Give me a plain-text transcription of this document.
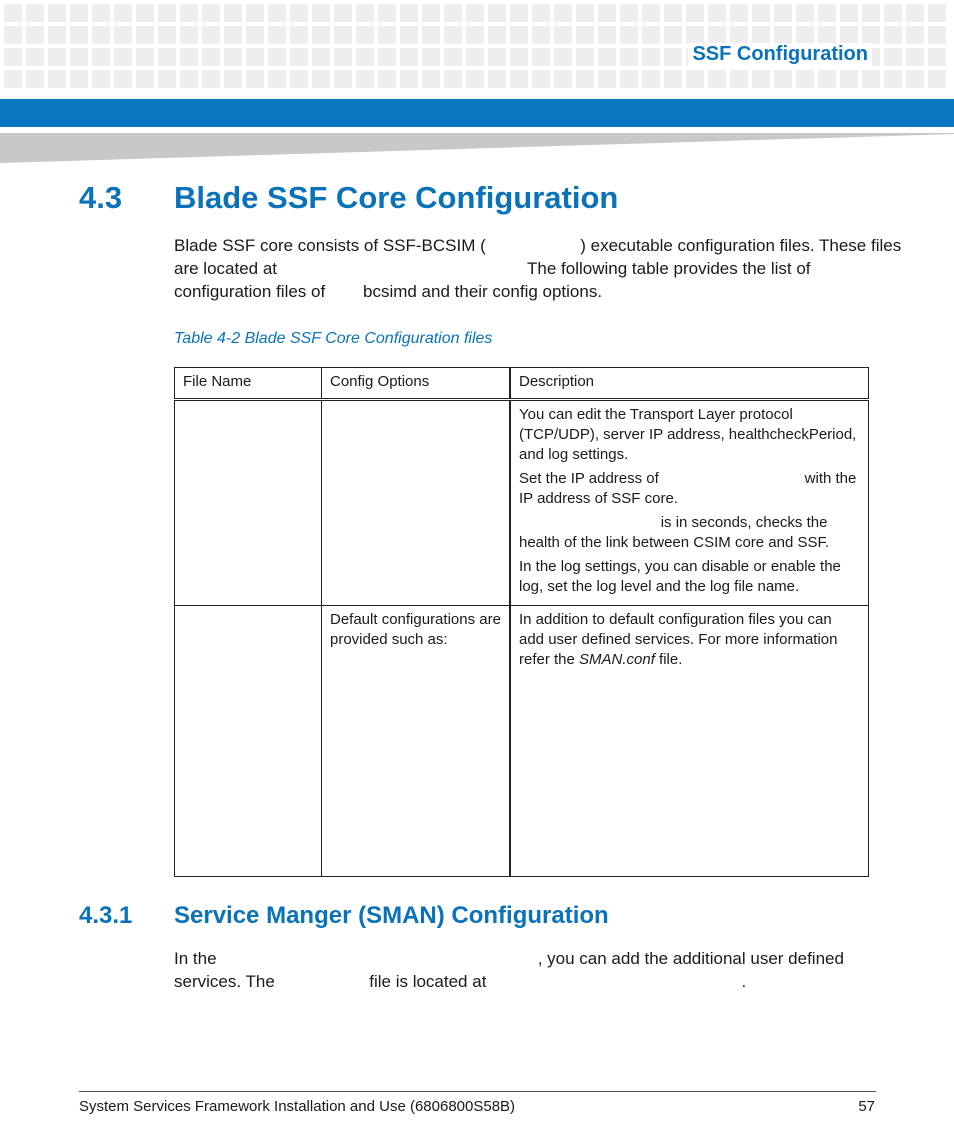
SSF Configuration
4.3 Blade SSF Core Configuration
Blade SSF core consists of SSF-BCSIM (                    ) executable configuration files. These files
are located at                                                     The following table provides the list of
configuration files of        bcsimd and their config options.
Table 4-2 Blade SSF Core Configuration files
File Name	Config Options	Description

		You can edit the Transport Layer protocol (TCP/UDP), server IP address, healthcheckPeriod, and log settings.

Set the IP address of                                   with the IP address of SSF core.

is in seconds, checks the health of the link between CSIM core and SSF.

In the log settings, you can disable or enable the log, set the log level and the log file name.

	Default configurations are provided such as:	In addition to default configuration files you can add user defined services. For more information refer the SMAN.conf file.
4.3.1 Service Manger (SMAN) Configuration
In the                                                                    , you can add the additional user defined
services. The                    file is located at                                                      .
System Services Framework Installation and Use (6806800S58B)	57
